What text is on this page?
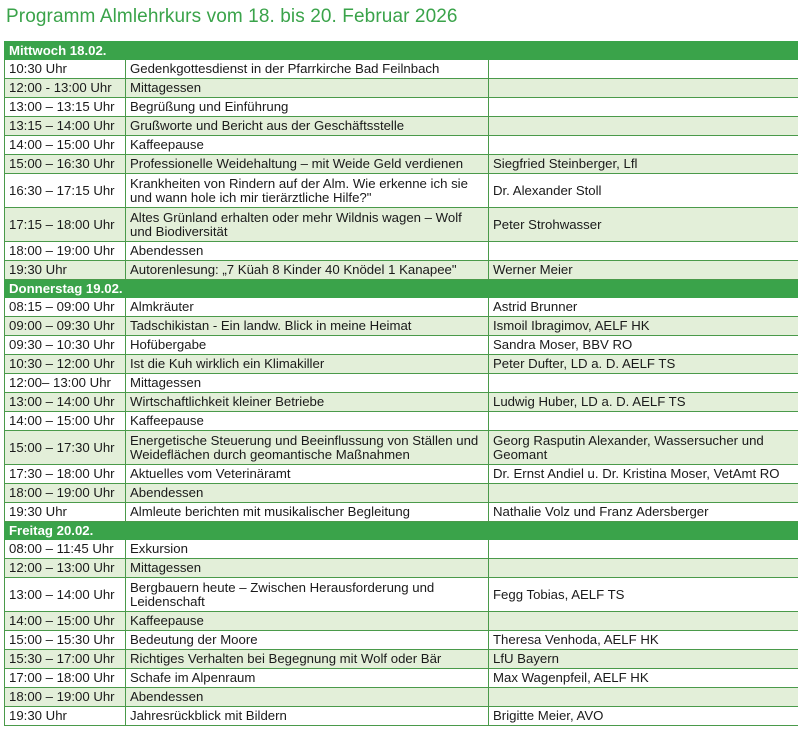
Programm Almlehrkurs vom 18. bis 20. Februar 2026
Mittwoch 18.02.		
10:30 Uhr	Gedenkgottesdienst in der Pfarrkirche Bad Feilnbach	
12:00 - 13:00 Uhr	Mittagessen	
13:00 – 13:15 Uhr	Begrüßung und Einführung	
13:15 – 14:00 Uhr	Grußworte und Bericht aus der Geschäftsstelle	
14:00 – 15:00 Uhr	Kaffeepause	
15:00 – 16:30 Uhr	Professionelle Weidehaltung – mit Weide Geld verdienen	Siegfried Steinberger, Lfl
16:30 – 17:15 Uhr	Krankheiten von Rindern auf der Alm. Wie erkenne ich sie und wann hole ich mir tierärztliche Hilfe?"	Dr. Alexander Stoll
17:15 – 18:00 Uhr	Altes Grünland erhalten oder mehr Wildnis wagen – Wolf und Biodiversität	Peter Strohwasser
18:00 – 19:00 Uhr	Abendessen	
19:30 Uhr	Autorenlesung: „7 Küah 8 Kinder 40 Knödel 1 Kanapee"	Werner Meier
Donnerstag 19.02.		
08:15 – 09:00 Uhr	Almkräuter	Astrid Brunner
09:00 – 09:30 Uhr	Tadschikistan - Ein landw. Blick in meine Heimat	Ismoil Ibragimov, AELF HK
09:30 – 10:30 Uhr	Hofübergabe	Sandra Moser, BBV RO
10:30 – 12:00 Uhr	Ist die Kuh wirklich ein Klimakiller	Peter Dufter, LD a. D. AELF TS
12:00– 13:00 Uhr	Mittagessen	
13:00 – 14:00 Uhr	Wirtschaftlichkeit kleiner Betriebe	Ludwig Huber, LD a. D. AELF TS
14:00 – 15:00 Uhr	Kaffeepause	
15:00 – 17:30 Uhr	Energetische Steuerung und Beeinflussung von Ställen und Weideflächen durch geomantische Maßnahmen	Georg Rasputin Alexander, Wassersucher und Geomant
17:30 – 18:00 Uhr	Aktuelles vom Veterinäramt	Dr. Ernst Andiel u. Dr. Kristina Moser, VetAmt RO
18:00 – 19:00 Uhr	Abendessen	
19:30 Uhr	Almleute berichten mit musikalischer Begleitung	Nathalie Volz und Franz Adersberger
Freitag 20.02.		
08:00 – 11:45 Uhr	Exkursion	
12:00 – 13:00 Uhr	Mittagessen	
13:00 – 14:00 Uhr	Bergbauern heute – Zwischen Herausforderung und Leidenschaft	Fegg Tobias, AELF TS
14:00 – 15:00 Uhr	Kaffeepause	
15:00 – 15:30 Uhr	Bedeutung der Moore	Theresa Venhoda, AELF HK
15:30 – 17:00 Uhr	Richtiges Verhalten bei Begegnung mit Wolf oder Bär	LfU Bayern
17:00 – 18:00 Uhr	Schafe im Alpenraum	Max Wagenpfeil, AELF HK
18:00 – 19:00 Uhr	Abendessen	
19:30 Uhr	Jahresrückblick mit Bildern	Brigitte Meier, AVO
